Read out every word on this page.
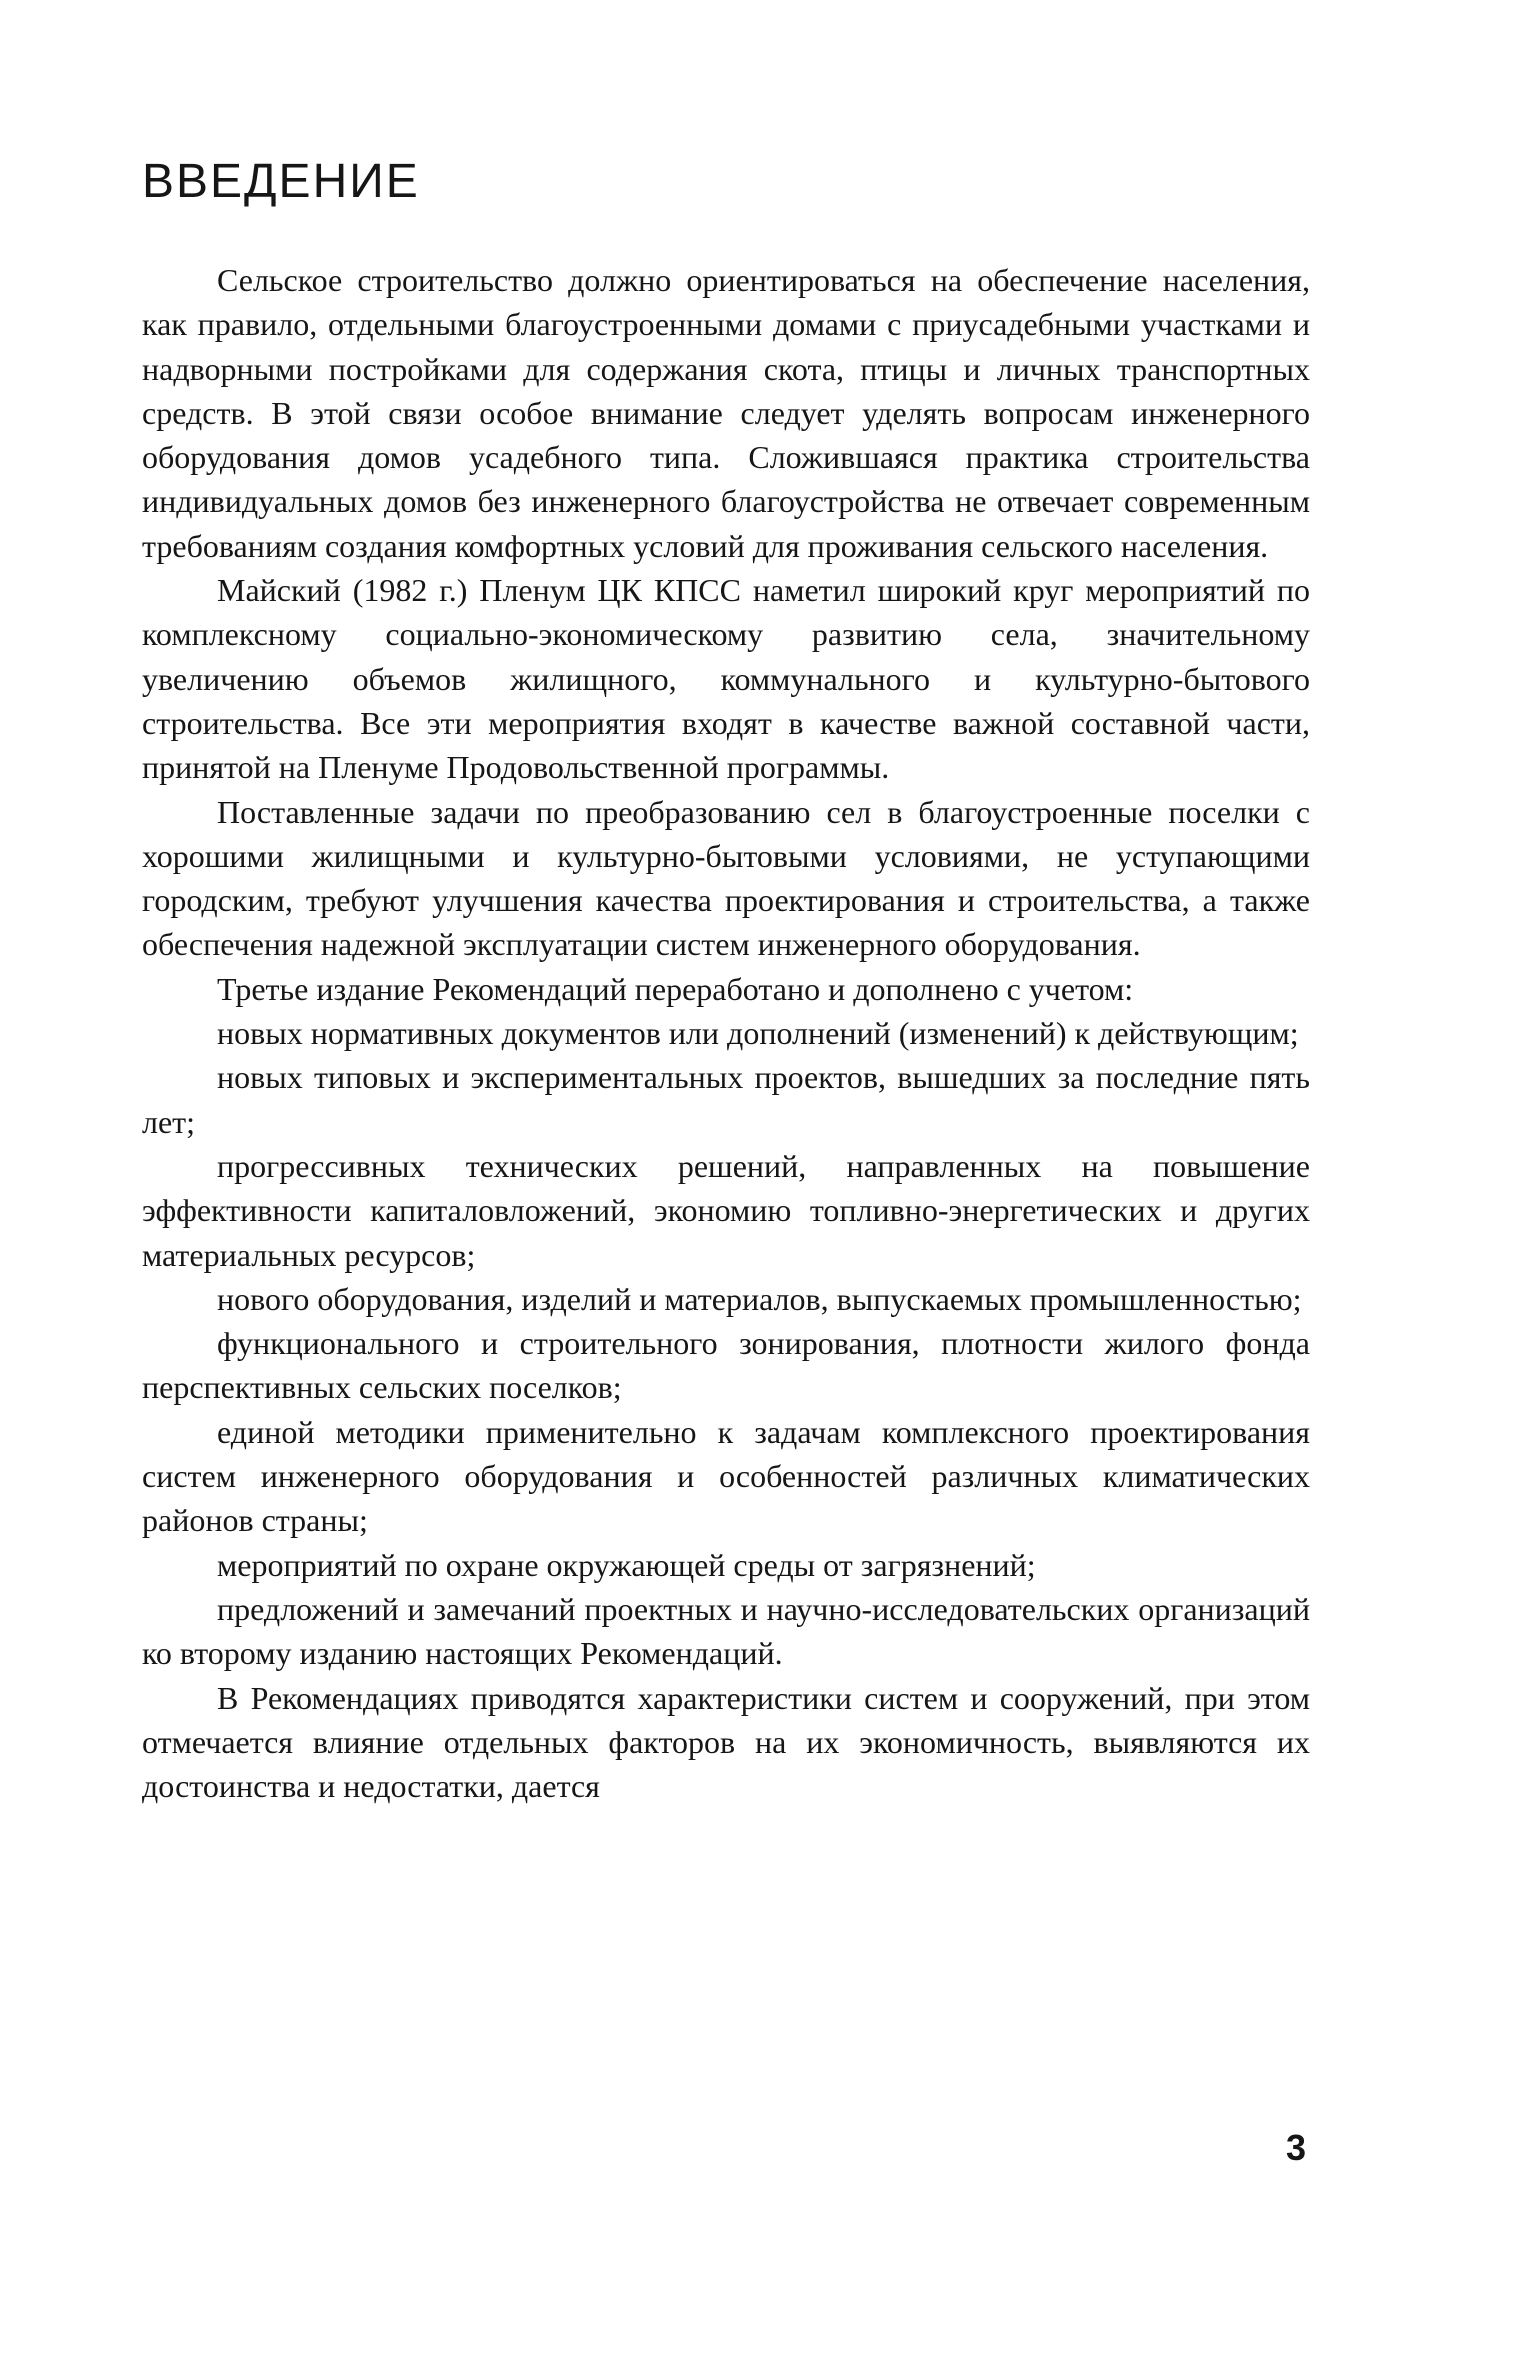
ВВЕДЕНИЕ

Сельское строительство должно ориентироваться на обеспечение населения, как правило, отдельными благоустроенными домами с приусадебными участками и надворными постройками для содержания скота, птицы и личных транспортных средств. В этой связи особое внимание следует уделять вопросам инженерного оборудования домов усадебного типа. Сложившаяся практика строительства индивидуальных домов без инженерного благоустройства не отвечает современным требованиям создания комфортных условий для проживания сельского населения.

Майский (1982 г.) Пленум ЦК КПСС наметил широкий круг мероприятий по комплексному социально-экономическому развитию села, значительному увеличению объемов жилищного, коммунального и культурно-бытового строительства. Все эти мероприятия входят в качестве важной составной части, принятой на Пленуме Продовольственной программы.

Поставленные задачи по преобразованию сел в благоустроенные поселки с хорошими жилищными и культурно-бытовыми условиями, не уступающими городским, требуют улучшения качества проектирования и строительства, а также обеспечения надежной эксплуатации систем инженерного оборудования.

Третье издание Рекомендаций переработано и дополнено с учетом:

новых нормативных документов или дополнений (изменений) к действующим;

новых типовых и экспериментальных проектов, вышедших за последние пять лет;

прогрессивных технических решений, направленных на повышение эффективности капиталовложений, экономию топливно-энергетических и других материальных ресурсов;

нового оборудования, изделий и материалов, выпускаемых промышленностью;

функционального и строительного зонирования, плотности жилого фонда перспективных сельских поселков;

единой методики применительно к задачам комплексного проектирования систем инженерного оборудования и особенностей различных климатических районов страны;

мероприятий по охране окружающей среды от загрязнений;

предложений и замечаний проектных и научно-исследовательских организаций ко второму изданию настоящих Рекомендаций.

В Рекомендациях приводятся характеристики систем и сооружений, при этом отмечается влияние отдельных факторов на их экономичность, выявляются их достоинства и недостатки, дается

3
